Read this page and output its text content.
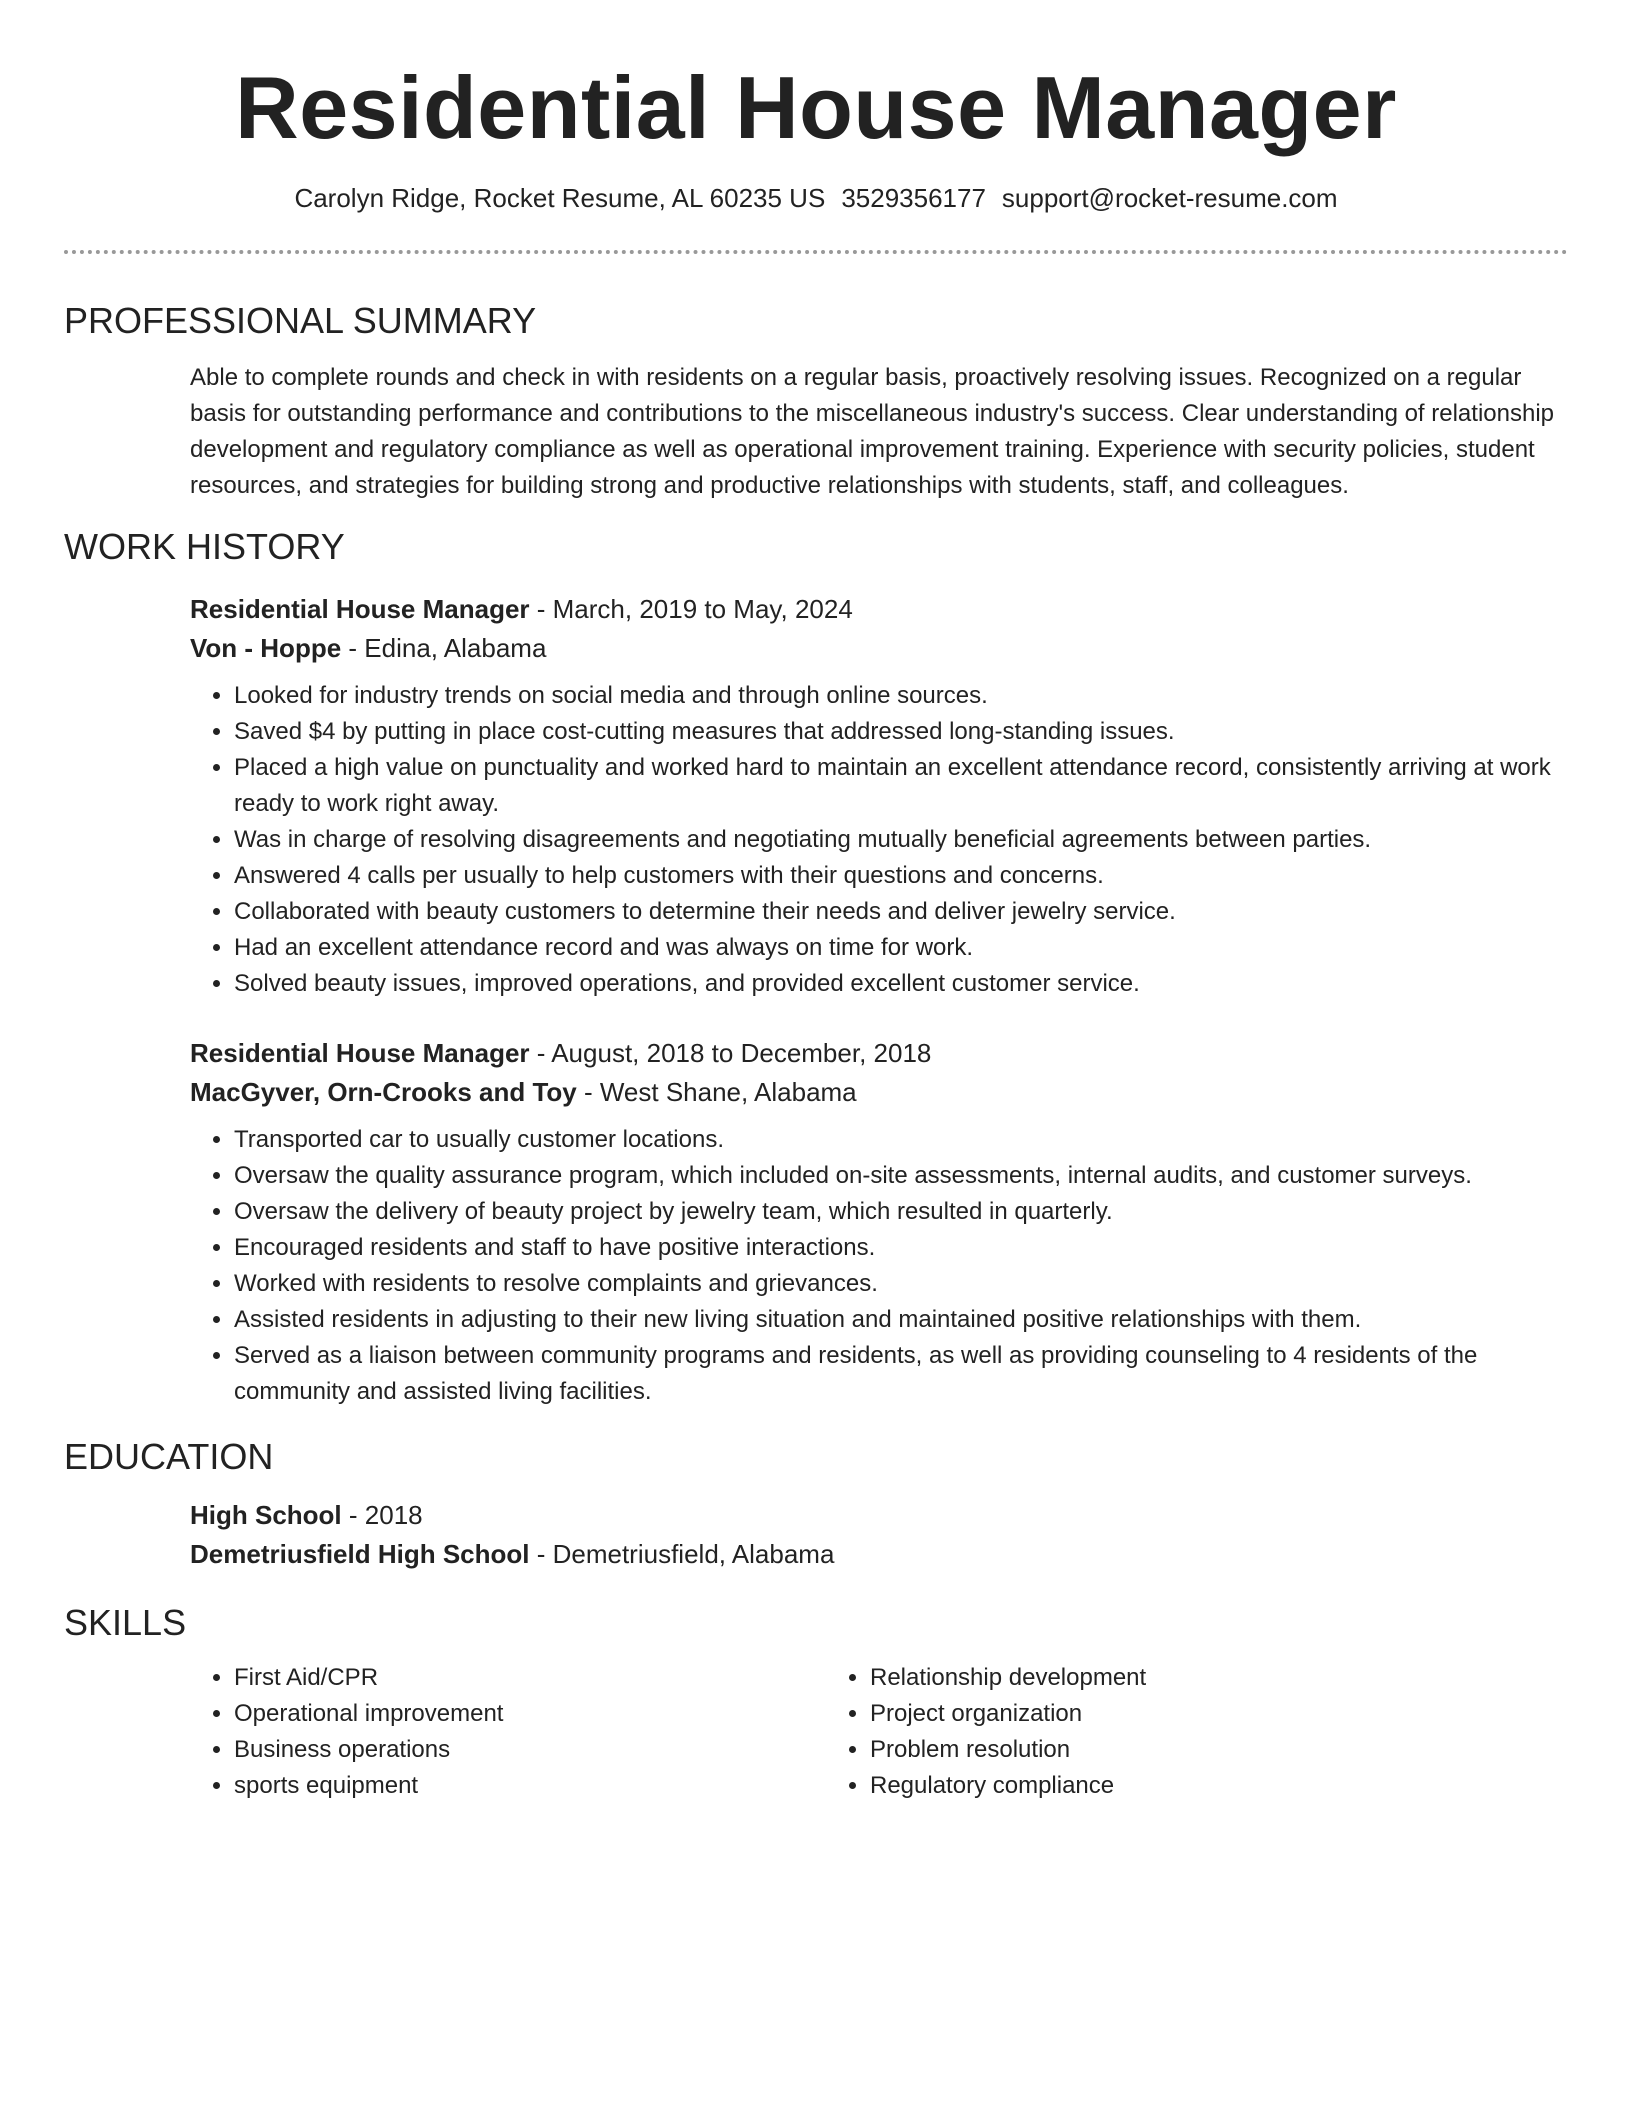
Residential House Manager
Carolyn Ridge, Rocket Resume, AL 60235 US 3529356177 support@rocket-resume.com
PROFESSIONAL SUMMARY
Able to complete rounds and check in with residents on a regular basis, proactively resolving issues. Recognized on a regular basis for outstanding performance and contributions to the miscellaneous industry's success. Clear understanding of relationship development and regulatory compliance as well as operational improvement training. Experience with security policies, student resources, and strategies for building strong and productive relationships with students, staff, and colleagues.
WORK HISTORY
Residential House Manager - March, 2019 to May, 2024
Von - Hoppe - Edina, Alabama
• Looked for industry trends on social media and through online sources.
• Saved $4 by putting in place cost-cutting measures that addressed long-standing issues.
• Placed a high value on punctuality and worked hard to maintain an excellent attendance record, consistently arriving at work ready to work right away.
• Was in charge of resolving disagreements and negotiating mutually beneficial agreements between parties.
• Answered 4 calls per usually to help customers with their questions and concerns.
• Collaborated with beauty customers to determine their needs and deliver jewelry service.
• Had an excellent attendance record and was always on time for work.
• Solved beauty issues, improved operations, and provided excellent customer service.
Residential House Manager - August, 2018 to December, 2018
MacGyver, Orn-Crooks and Toy - West Shane, Alabama
• Transported car to usually customer locations.
• Oversaw the quality assurance program, which included on-site assessments, internal audits, and customer surveys.
• Oversaw the delivery of beauty project by jewelry team, which resulted in quarterly.
• Encouraged residents and staff to have positive interactions.
• Worked with residents to resolve complaints and grievances.
• Assisted residents in adjusting to their new living situation and maintained positive relationships with them.
• Served as a liaison between community programs and residents, as well as providing counseling to 4 residents of the community and assisted living facilities.
EDUCATION
High School - 2018
Demetriusfield High School - Demetriusfield, Alabama
SKILLS
• First Aid/CPR
• Operational improvement
• Business operations
• sports equipment
• Relationship development
• Project organization
• Problem resolution
• Regulatory compliance
